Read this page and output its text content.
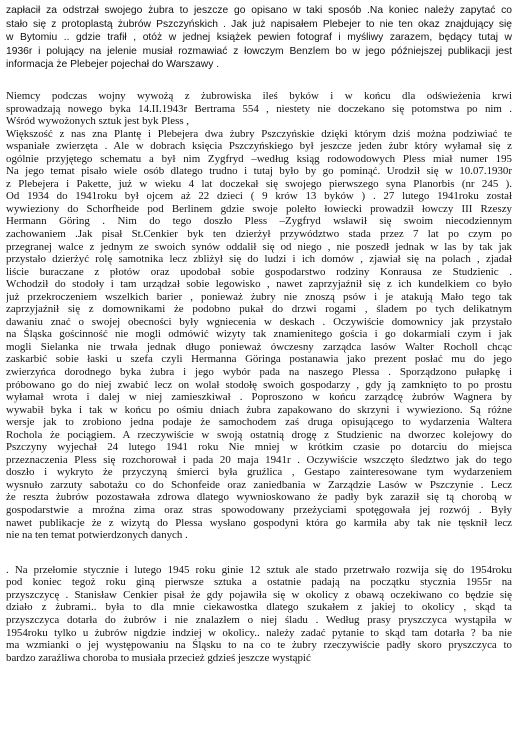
zapłacił za odstrzał swojego żubra to jeszcze go opisano w taki sposób .Na koniec należy zapytać co
stało się z protoplastą żubrów Pszczyńskich . Jak już napisałem Plebejer to nie ten okaz znajdujący się
w Bytomiu .. gdzie trafił , otóż w jednej książek pewien fotograf i myśliwy zarazem, będący tutaj w
1936r i polujący na jelenie musiał rozmawiać z łowczym Benzlem bo w jego późniejszej publikacji jest
informacja że Plebejer pojechał do Warszawy .
Niemcy podczas wojny wywożą z żubrowiska ileś byków i w końcu dla odświeżenia krwi
sprowadzają nowego byka 14.II.1943r Bertrama 554 , niestety nie doczekano się potomstwa po nim .
Wśród wywożonych sztuk jest byk Pless ,
Większość z nas zna Plantę i Plebejera dwa żubry Pszczyńskie dzięki którym dziś można podziwiać te
wspaniałe zwierzęta . Ale w dobrach księcia Pszczyńskiego był jeszcze jeden żubr który wyłamał się z
ogólnie przyjętego schematu a był nim Zygfryd –według ksiąg rodowodowych Pless miał numer 195
Na jego temat pisało wiele osób dlatego trudno i tutaj było by go pominąć. Urodził się w 10.07.1930r
z Plebejera i Pakette, już w wieku 4 lat doczekał się swojego pierwszego syna Planorbis (nr 245 ).
Od 1934 do 1941roku był ojcem aż 22 dzieci ( 9 krów 13 byków ) . 27 lutego 1941roku został
wywieziony do Schorfheide pod Berlinem gdzie swoje polełto łowiecki prowadził łowczy III Rzeszy
Hermann Göring . Nim do tego doszło Pless –Zygfryd wsławił się swoim niecodziennym
zachowaniem .Jak pisał St.Cenkier byk ten dzierżył przywództwo stada przez 7 lat po czym po
przegranej walce z jednym ze swoich synów oddalił się od niego , nie poszedł jednak w las by tak jak
przystało dzierżyć rolę samotnika lecz zbliżył się do ludzi i ich domów , zjawiał się na polach , zjadał
liście buraczane z płotów oraz upodobał sobie gospodarstwo rodziny Konrausa ze Studzienic .
Wchodził do stodoły i tam urządzał sobie legowisko , nawet zaprzyjaźnił się z ich kundelkiem co było
już przekroczeniem wszelkich barier , ponieważ żubry nie znoszą psów i je atakują Mało tego tak
zaprzyjaźnił się z domownikami że podobno pukał do drzwi rogami , śladem po tych delikatnym
dawaniu znać o swojej obecności były wgniecenia w deskach . Oczywiście domownicy jak przystało
na Śląska gościnność nie mogli odmówić wizyty tak znamienitego gościa i go dokarmiali czym i jak
mogli Sielanka nie trwała jednak długo ponieważ ówczesny zarządca lasów Walter Rocholl chcąc
zaskarbić sobie łaski u szefa czyli Hermanna Göringa postanawia jako prezent posłać mu do jego
zwierzyńca dorodnego byka żubra i jego wybór pada na naszego Plessa . Sporządzono pułapkę i
próbowano go do niej zwabić lecz on wolał stodołę swoich gospodarzy , gdy ją zamknięto to po prostu
wyłamał wrota i dalej w niej zamieszkiwał . Poproszono w końcu zarządcę żubrów Wagnera by
wywabił byka i tak w końcu po ośmiu dniach żubra zapakowano do skrzyni i wywieziono. Są różne
wersje jak to zrobiono jedna podaje że samochodem zaś druga opisującego to wydarzenia Waltera
Rochola że pociągiem. A rzeczywiście w swoją ostatnią drogę z Studzienic na dworzec kolejowy do
Pszczyny wyjechał 24 lutego 1941 roku Nie mniej w krótkim czasie po dotarciu do miejsca
przeznaczenia Pless się rozchorował i pada 20 maja 1941r . Oczywiście wszczęto śledztwo jak do tego
doszło i wykryto że przyczyną śmierci była gruźlica , Gestapo zainteresowane tym wydarzeniem
wysnuło zarzuty sabotażu co do Schonfeide oraz zaniedbania w Zarządzie Lasów w Pszczynie . Lecz
że reszta żubrów pozostawała zdrowa dlatego wywnioskowano że padły byk zaraził się tą chorobą w
gospodarstwie a mroźna zima oraz stras spowodowany przeżyciami spotęgowała jej rozwój . Były
nawet publikacje że z wizytą do Plessa wysłano gospodyni która go karmiła aby tak nie tęsknił lecz
nie na ten temat potwierdzonych danych .
. Na przełomie stycznie i lutego 1945 roku ginie 12 sztuk ale stado przetrwało rozwija się do 1954roku
pod koniec tegoż roku giną pierwsze sztuka a ostatnie padają na początku stycznia 1955r na
przyszczycę . Stanisław Cenkier pisał że gdy pojawiła się w okolicy z obawą oczekiwano co będzie się
działo z żubrami.. była to dla mnie ciekawostka dlatego szukałem z jakiej to okolicy , skąd ta
przyszczyca dotarła do żubrów i nie znalazłem o niej śladu . Według prasy pryszczyca wystąpiła w
1954roku tylko u żubrów nigdzie indziej w okolicy.. należy zadać pytanie to skąd tam dotarła ? ba nie
ma wzmianki o jej występowaniu na Śląsku to na co te żubry rzeczywiście padły skoro pryszczyca to
bardzo zaraźliwa choroba to musiała przecież gdzieś jeszcze wystąpić
